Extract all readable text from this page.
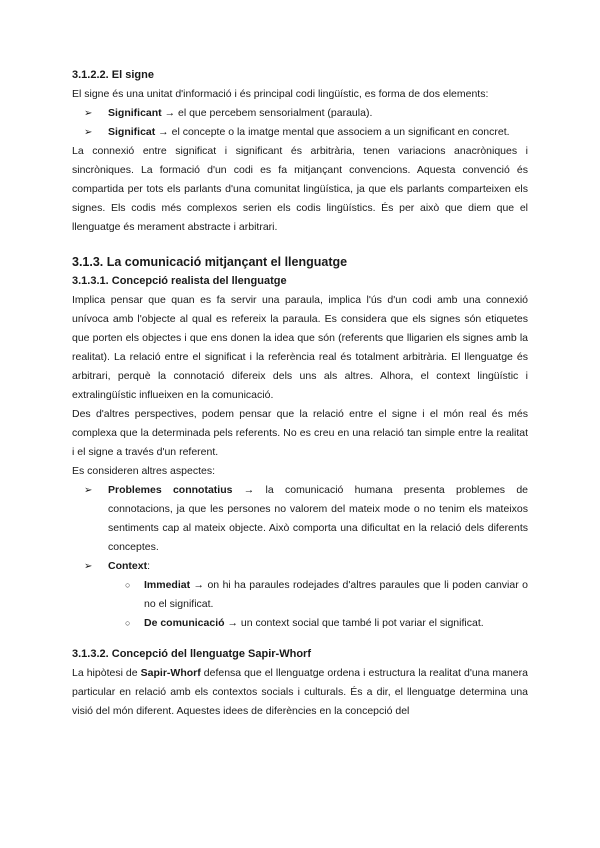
3.1.2.2. El signe

El signe és una unitat d'informació i és principal codi lingüístic, es forma de dos elements:

➢ Significant → el que percebem sensorialment (paraula).
➢ Significat → el concepte o la imatge mental que associem a un significant en concret.

La connexió entre significat i significant és arbitrària, tenen variacions anacròniques i sincròniques. La formació d'un codi es fa mitjançant convencions. Aquesta convenció és compartida per tots els parlants d'una comunitat lingüística, ja que els parlants comparteixen els signes. Els codis més complexos serien els codis lingüístics. És per això que diem que el llenguatge és merament abstracte i arbitrari.

3.1.3. La comunicació mitjançant el llenguatge
3.1.3.1. Concepció realista del llenguatge

Implica pensar que quan es fa servir una paraula, implica l'ús d'un codi amb una connexió unívoca amb l'objecte al qual es refereix la paraula. Es considera que els signes són etiquetes que porten els objectes i que ens donen la idea que són (referents que lligarien els signes amb la realitat). La relació entre el significat i la referència real és totalment arbitrària. El llenguatge és arbitrari, perquè la connotació difereix dels uns als altres. Alhora, el context lingüístic i extralingüístic influeixen en la comunicació.

Des d'altres perspectives, podem pensar que la relació entre el signe i el món real és més complexa que la determinada pels referents. No es creu en una relació tan simple entre la realitat i el signe a través d'un referent.

Es consideren altres aspectes:

➢ Problemes connotatius → la comunicació humana presenta problemes de connotacions, ja que les persones no valorem del mateix mode o no tenim els mateixos sentiments cap al mateix objecte. Això comporta una dificultat en la relació dels diferents conceptes.
➢ Context:
○ Immediat → on hi ha paraules rodejades d'altres paraules que li poden canviar o no el significat.
○ De comunicació → un context social que també li pot variar el significat.
3.1.3.2. Concepció del llenguatge Sapir-Whorf

La hipòtesi de Sapir-Whorf defensa que el llenguatge ordena i estructura la realitat d'una manera particular en relació amb els contextos socials i culturals. És a dir, el llenguatge determina una visió del món diferent. Aquestes idees de diferències en la concepció del
